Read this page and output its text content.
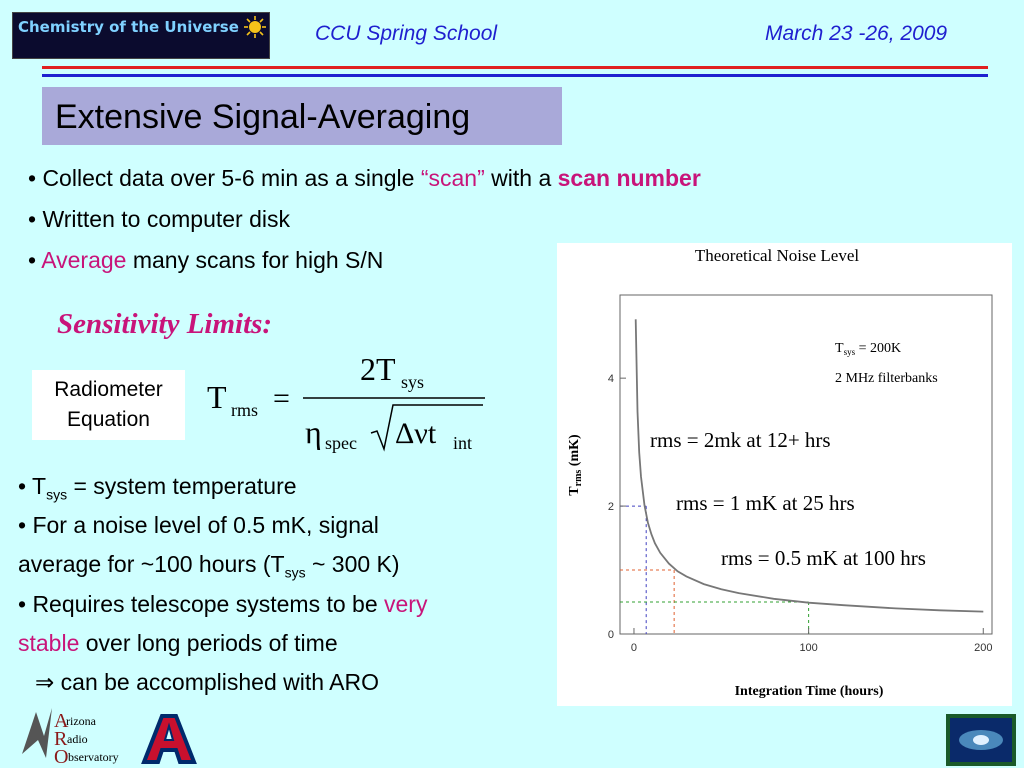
Chemistry of the Universe	CCU Spring School	March 23 -26, 2009
Extensive Signal-Averaging
• Collect data over 5-6 min as a single “scan” with a scan number
• Written to computer disk
• Average many scans for high S/N
Sensitivity Limits:
Radiometer
Equation
T rms =
2T sys
η spec Δνt int
• $T_{sys}$ = system temperature
• For a noise level of 0.5 mK, signal
average for ~100 hours ($T_{sys}$ ~ 300 K)
• Requires telescope systems to be very
stable over long periods of time
⇒ can be accomplished with ARO
Theoretical Noise Level
0	100	200
0
2
4
$T_{sys} = 200K$
2 MHz filterbanks
rms = 2mk at 12+ hrs
rms = 1 mK at 25 hrs
rms = 0.5 mK at 100 hrs
Integration Time (hours)
$T_{rms}$ (mK)
A
rizona
R adio
O bservatory
